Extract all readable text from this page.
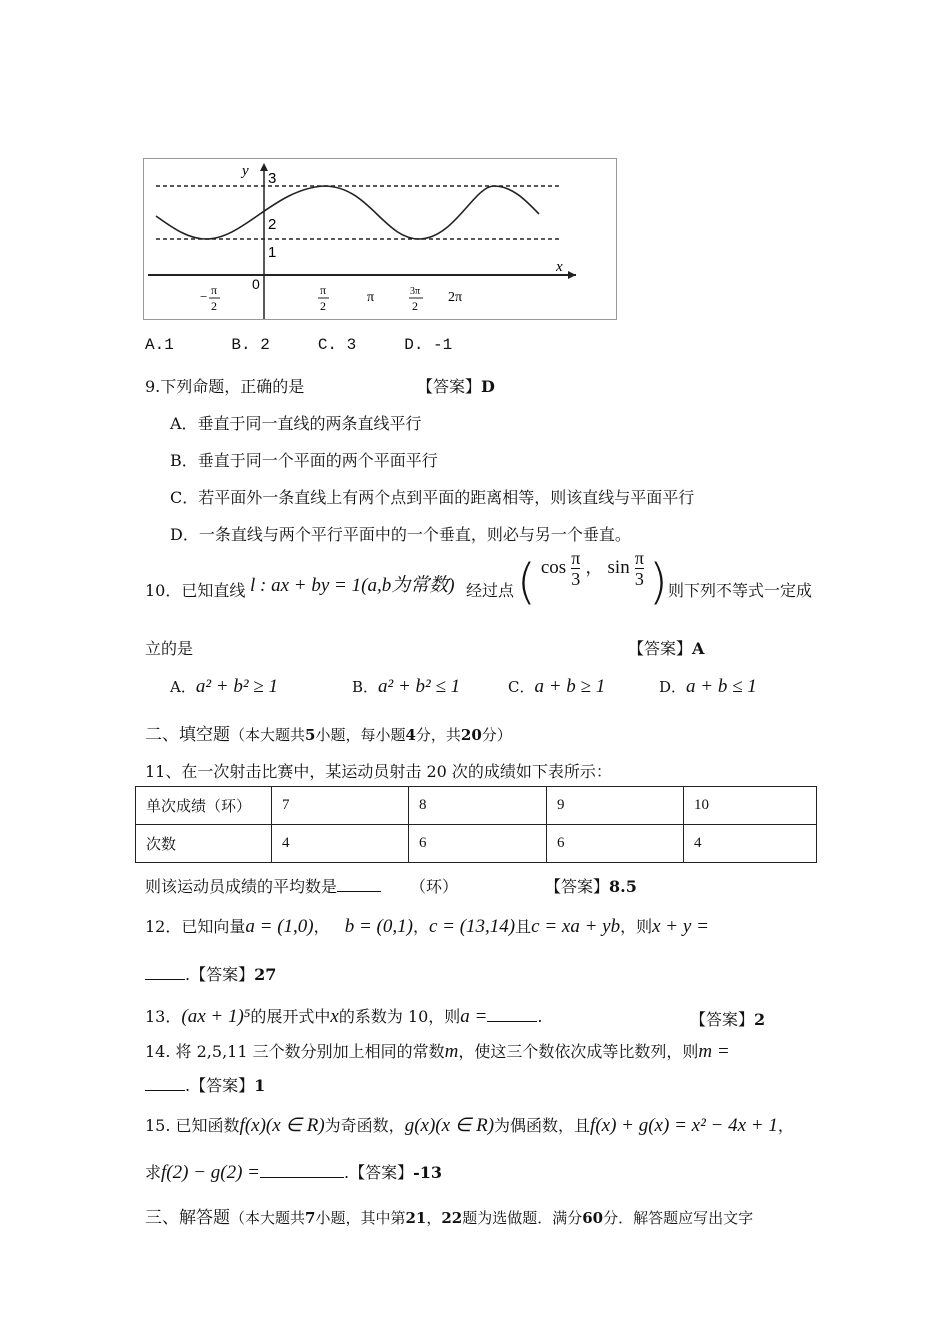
y
x
3
2
1
0
− π
2
π
2
π	3π
2
2π
A.1      B. 2     C. 3     D. -1
9.下列命题，正确的是	【答案】D
A．垂直于同一直线的两条直线平行
B．垂直于同一个平面的两个平面平行
C．若平面外一条直线上有两个点到平面的距离相等，则该直线与平面平行
D．一条直线与两个平行平面中的一个垂直，则必与另一个垂直。
10．已知直线 l : ax + by = 1(a,b为常数) 经过点 ( $\cos \frac{\pi}{3}$ ， $\sin \frac{\pi}{3}$ ) 则下列不等式一定成
立的是	【答案】A
A．a² + b² ≥ 1	B．a² + b² ≤ 1	C．a + b ≥ 1	D．a + b ≤ 1
二、填空题（本大题共5小题，每小题4分，共20分）
11、在一次射击比赛中，某运动员射击 20 次的成绩如下表所示：
单次成绩（环）	7	8	9	10
次数	4	6	6	4
则该运动员成绩的平均数是	（环）	【答案】8.5
12．已知向量a = (1,0)， b = (0,1)，c = (13,14)且c = xa + yb，则x + y =
.【答案】27
13．(ax + 1)⁵的展开式中x的系数为 10，则a =	.	【答案】2
14. 将 2,5,11 三个数分别加上相同的常数m，使这三个数依次成等比数列，则m =
.【答案】1
15. 已知函数f(x)(x ∈ R)为奇函数，g(x)(x ∈ R)为偶函数，且f(x) + g(x) = x² − 4x + 1，
求f(2) − g(2) =	.【答案】-13
三、解答题（本大题共7小题，其中第21，22题为选做题．满分60分．解答题应写出文字
